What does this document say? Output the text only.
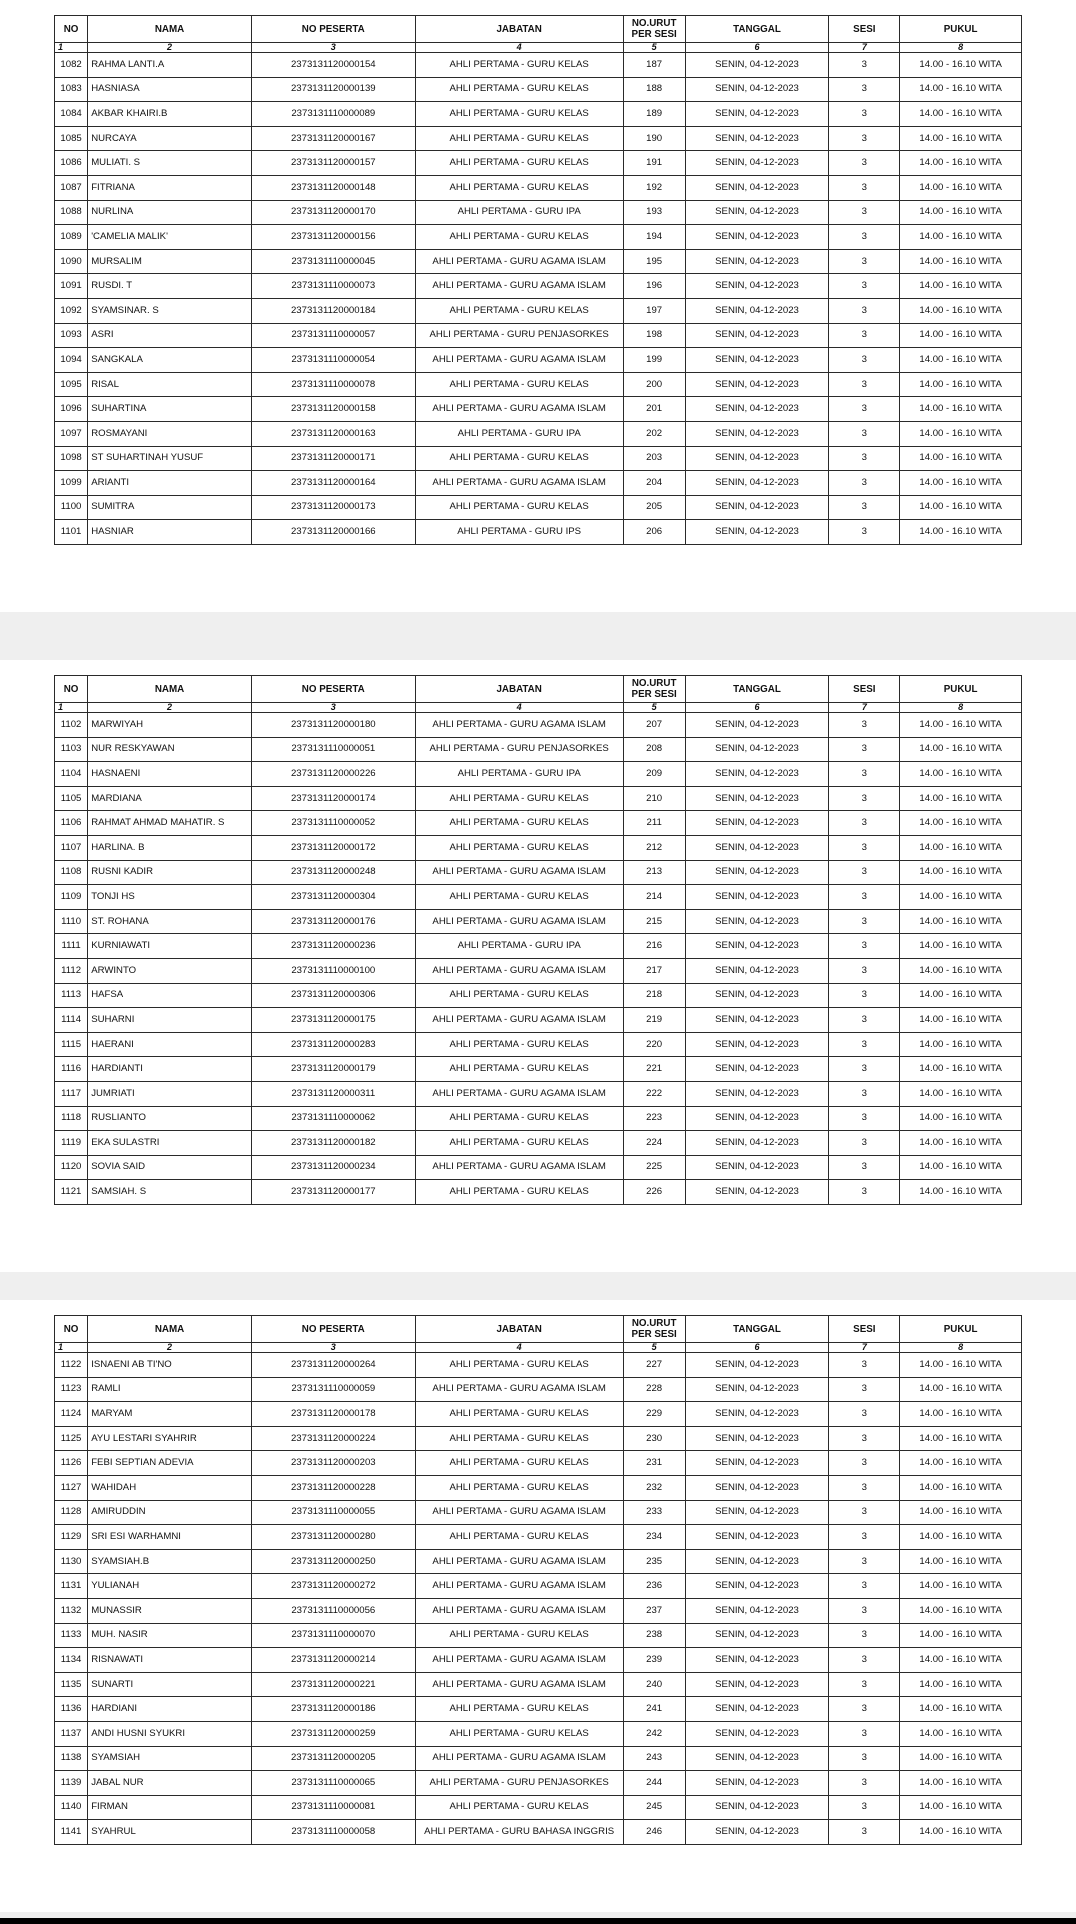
NO	NAMA	NO PESERTA	JABATAN	NO.URUT
PER SESI	TANGGAL	SESI	PUKUL
1	2	3	4	5	6	7	8
1082	RAHMA LANTI.A	2373131120000154	AHLI PERTAMA - GURU KELAS	187	SENIN, 04-12-2023	3	14.00 - 16.10 WITA
1083	HASNIASA	2373131120000139	AHLI PERTAMA - GURU KELAS	188	SENIN, 04-12-2023	3	14.00 - 16.10 WITA
1084	AKBAR KHAIRI.B	2373131110000089	AHLI PERTAMA - GURU KELAS	189	SENIN, 04-12-2023	3	14.00 - 16.10 WITA
1085	NURCAYA	2373131120000167	AHLI PERTAMA - GURU KELAS	190	SENIN, 04-12-2023	3	14.00 - 16.10 WITA
1086	MULIATI. S	2373131120000157	AHLI PERTAMA - GURU KELAS	191	SENIN, 04-12-2023	3	14.00 - 16.10 WITA
1087	FITRIANA	2373131120000148	AHLI PERTAMA - GURU KELAS	192	SENIN, 04-12-2023	3	14.00 - 16.10 WITA
1088	NURLINA	2373131120000170	AHLI PERTAMA - GURU IPA	193	SENIN, 04-12-2023	3	14.00 - 16.10 WITA
1089	'CAMELIA MALIK'	2373131120000156	AHLI PERTAMA - GURU KELAS	194	SENIN, 04-12-2023	3	14.00 - 16.10 WITA
1090	MURSALIM	2373131110000045	AHLI PERTAMA - GURU AGAMA ISLAM	195	SENIN, 04-12-2023	3	14.00 - 16.10 WITA
1091	RUSDI. T	2373131110000073	AHLI PERTAMA - GURU AGAMA ISLAM	196	SENIN, 04-12-2023	3	14.00 - 16.10 WITA
1092	SYAMSINAR. S	2373131120000184	AHLI PERTAMA - GURU KELAS	197	SENIN, 04-12-2023	3	14.00 - 16.10 WITA
1093	ASRI	2373131110000057	AHLI PERTAMA - GURU PENJASORKES	198	SENIN, 04-12-2023	3	14.00 - 16.10 WITA
1094	SANGKALA	2373131110000054	AHLI PERTAMA - GURU AGAMA ISLAM	199	SENIN, 04-12-2023	3	14.00 - 16.10 WITA
1095	RISAL	2373131110000078	AHLI PERTAMA - GURU KELAS	200	SENIN, 04-12-2023	3	14.00 - 16.10 WITA
1096	SUHARTINA	2373131120000158	AHLI PERTAMA - GURU AGAMA ISLAM	201	SENIN, 04-12-2023	3	14.00 - 16.10 WITA
1097	ROSMAYANI	2373131120000163	AHLI PERTAMA - GURU IPA	202	SENIN, 04-12-2023	3	14.00 - 16.10 WITA
1098	ST SUHARTINAH YUSUF	2373131120000171	AHLI PERTAMA - GURU KELAS	203	SENIN, 04-12-2023	3	14.00 - 16.10 WITA
1099	ARIANTI	2373131120000164	AHLI PERTAMA - GURU AGAMA ISLAM	204	SENIN, 04-12-2023	3	14.00 - 16.10 WITA
1100	SUMITRA	2373131120000173	AHLI PERTAMA - GURU KELAS	205	SENIN, 04-12-2023	3	14.00 - 16.10 WITA
1101	HASNIAR	2373131120000166	AHLI PERTAMA - GURU IPS	206	SENIN, 04-12-2023	3	14.00 - 16.10 WITA
NO	NAMA	NO PESERTA	JABATAN	NO.URUT
PER SESI	TANGGAL	SESI	PUKUL
1	2	3	4	5	6	7	8
1102	MARWIYAH	2373131120000180	AHLI PERTAMA - GURU AGAMA ISLAM	207	SENIN, 04-12-2023	3	14.00 - 16.10 WITA
1103	NUR RESKYAWAN	2373131110000051	AHLI PERTAMA - GURU PENJASORKES	208	SENIN, 04-12-2023	3	14.00 - 16.10 WITA
1104	HASNAENI	2373131120000226	AHLI PERTAMA - GURU IPA	209	SENIN, 04-12-2023	3	14.00 - 16.10 WITA
1105	MARDIANA	2373131120000174	AHLI PERTAMA - GURU KELAS	210	SENIN, 04-12-2023	3	14.00 - 16.10 WITA
1106	RAHMAT AHMAD MAHATIR. S	2373131110000052	AHLI PERTAMA - GURU KELAS	211	SENIN, 04-12-2023	3	14.00 - 16.10 WITA
1107	HARLINA. B	2373131120000172	AHLI PERTAMA - GURU KELAS	212	SENIN, 04-12-2023	3	14.00 - 16.10 WITA
1108	RUSNI KADIR	2373131120000248	AHLI PERTAMA - GURU AGAMA ISLAM	213	SENIN, 04-12-2023	3	14.00 - 16.10 WITA
1109	TONJI HS	2373131120000304	AHLI PERTAMA - GURU KELAS	214	SENIN, 04-12-2023	3	14.00 - 16.10 WITA
1110	ST. ROHANA	2373131120000176	AHLI PERTAMA - GURU AGAMA ISLAM	215	SENIN, 04-12-2023	3	14.00 - 16.10 WITA
1111	KURNIAWATI	2373131120000236	AHLI PERTAMA - GURU IPA	216	SENIN, 04-12-2023	3	14.00 - 16.10 WITA
1112	ARWINTO	2373131110000100	AHLI PERTAMA - GURU AGAMA ISLAM	217	SENIN, 04-12-2023	3	14.00 - 16.10 WITA
1113	HAFSA	2373131120000306	AHLI PERTAMA - GURU KELAS	218	SENIN, 04-12-2023	3	14.00 - 16.10 WITA
1114	SUHARNI	2373131120000175	AHLI PERTAMA - GURU AGAMA ISLAM	219	SENIN, 04-12-2023	3	14.00 - 16.10 WITA
1115	HAERANI	2373131120000283	AHLI PERTAMA - GURU KELAS	220	SENIN, 04-12-2023	3	14.00 - 16.10 WITA
1116	HARDIANTI	2373131120000179	AHLI PERTAMA - GURU KELAS	221	SENIN, 04-12-2023	3	14.00 - 16.10 WITA
1117	JUMRIATI	2373131120000311	AHLI PERTAMA - GURU AGAMA ISLAM	222	SENIN, 04-12-2023	3	14.00 - 16.10 WITA
1118	RUSLIANTO	2373131110000062	AHLI PERTAMA - GURU KELAS	223	SENIN, 04-12-2023	3	14.00 - 16.10 WITA
1119	EKA SULASTRI	2373131120000182	AHLI PERTAMA - GURU KELAS	224	SENIN, 04-12-2023	3	14.00 - 16.10 WITA
1120	SOVIA SAID	2373131120000234	AHLI PERTAMA - GURU AGAMA ISLAM	225	SENIN, 04-12-2023	3	14.00 - 16.10 WITA
1121	SAMSIAH. S	2373131120000177	AHLI PERTAMA - GURU KELAS	226	SENIN, 04-12-2023	3	14.00 - 16.10 WITA
NO	NAMA	NO PESERTA	JABATAN	NO.URUT
PER SESI	TANGGAL	SESI	PUKUL
1	2	3	4	5	6	7	8
1122	ISNAENI AB TI'NO	2373131120000264	AHLI PERTAMA - GURU KELAS	227	SENIN, 04-12-2023	3	14.00 - 16.10 WITA
1123	RAMLI	2373131110000059	AHLI PERTAMA - GURU AGAMA ISLAM	228	SENIN, 04-12-2023	3	14.00 - 16.10 WITA
1124	MARYAM	2373131120000178	AHLI PERTAMA - GURU KELAS	229	SENIN, 04-12-2023	3	14.00 - 16.10 WITA
1125	AYU LESTARI SYAHRIR	2373131120000224	AHLI PERTAMA - GURU KELAS	230	SENIN, 04-12-2023	3	14.00 - 16.10 WITA
1126	FEBI SEPTIAN ADEVIA	2373131120000203	AHLI PERTAMA - GURU KELAS	231	SENIN, 04-12-2023	3	14.00 - 16.10 WITA
1127	WAHIDAH	2373131120000228	AHLI PERTAMA - GURU KELAS	232	SENIN, 04-12-2023	3	14.00 - 16.10 WITA
1128	AMIRUDDIN	2373131110000055	AHLI PERTAMA - GURU AGAMA ISLAM	233	SENIN, 04-12-2023	3	14.00 - 16.10 WITA
1129	SRI ESI WARHAMNI	2373131120000280	AHLI PERTAMA - GURU KELAS	234	SENIN, 04-12-2023	3	14.00 - 16.10 WITA
1130	SYAMSIAH.B	2373131120000250	AHLI PERTAMA - GURU AGAMA ISLAM	235	SENIN, 04-12-2023	3	14.00 - 16.10 WITA
1131	YULIANAH	2373131120000272	AHLI PERTAMA - GURU AGAMA ISLAM	236	SENIN, 04-12-2023	3	14.00 - 16.10 WITA
1132	MUNASSIR	2373131110000056	AHLI PERTAMA - GURU AGAMA ISLAM	237	SENIN, 04-12-2023	3	14.00 - 16.10 WITA
1133	MUH. NASIR	2373131110000070	AHLI PERTAMA - GURU KELAS	238	SENIN, 04-12-2023	3	14.00 - 16.10 WITA
1134	RISNAWATI	2373131120000214	AHLI PERTAMA - GURU AGAMA ISLAM	239	SENIN, 04-12-2023	3	14.00 - 16.10 WITA
1135	SUNARTI	2373131120000221	AHLI PERTAMA - GURU AGAMA ISLAM	240	SENIN, 04-12-2023	3	14.00 - 16.10 WITA
1136	HARDIANI	2373131120000186	AHLI PERTAMA - GURU KELAS	241	SENIN, 04-12-2023	3	14.00 - 16.10 WITA
1137	ANDI HUSNI SYUKRI	2373131120000259	AHLI PERTAMA - GURU KELAS	242	SENIN, 04-12-2023	3	14.00 - 16.10 WITA
1138	SYAMSIAH	2373131120000205	AHLI PERTAMA - GURU AGAMA ISLAM	243	SENIN, 04-12-2023	3	14.00 - 16.10 WITA
1139	JABAL NUR	2373131110000065	AHLI PERTAMA - GURU PENJASORKES	244	SENIN, 04-12-2023	3	14.00 - 16.10 WITA
1140	FIRMAN	2373131110000081	AHLI PERTAMA - GURU KELAS	245	SENIN, 04-12-2023	3	14.00 - 16.10 WITA
1141	SYAHRUL	2373131110000058	AHLI PERTAMA - GURU BAHASA INGGRIS	246	SENIN, 04-12-2023	3	14.00 - 16.10 WITA
